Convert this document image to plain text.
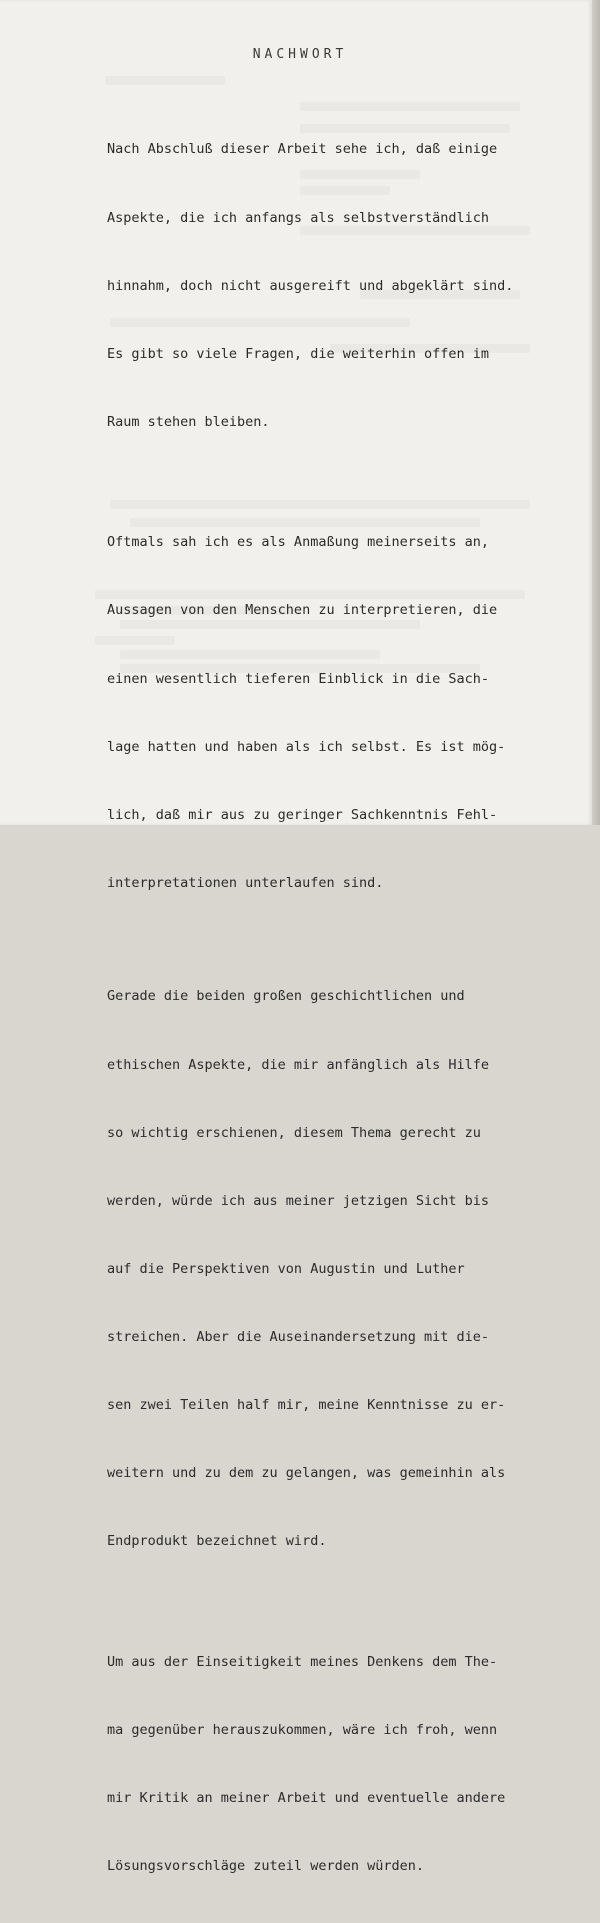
NACHWORT

Nach Abschluß dieser Arbeit sehe ich, daß einige

Aspekte, die ich anfangs als selbstverständlich

hinnahm, doch nicht ausgereift und abgeklärt sind.

Es gibt so viele Fragen, die weiterhin offen im

Raum stehen bleiben.

Oftmals sah ich es als Anmaßung meinerseits an,

Aussagen von den Menschen zu interpretieren, die

einen wesentlich tieferen Einblick in die Sach-

lage hatten und haben als ich selbst. Es ist mög-

lich, daß mir aus zu geringer Sachkenntnis Fehl-

interpretationen unterlaufen sind.

Gerade die beiden großen geschichtlichen und

ethischen Aspekte, die mir anfänglich als Hilfe

so wichtig erschienen, diesem Thema gerecht zu

werden, würde ich aus meiner jetzigen Sicht bis

auf die Perspektiven von Augustin und Luther

streichen. Aber die Auseinandersetzung mit die-

sen zwei Teilen half mir, meine Kenntnisse zu er-

weitern und zu dem zu gelangen, was gemeinhin als

Endprodukt bezeichnet wird.

Um aus der Einseitigkeit meines Denkens dem The-

ma gegenüber herauszukommen, wäre ich froh, wenn

mir Kritik an meiner Arbeit und eventuelle andere

Lösungsvorschläge zuteil werden würden.
